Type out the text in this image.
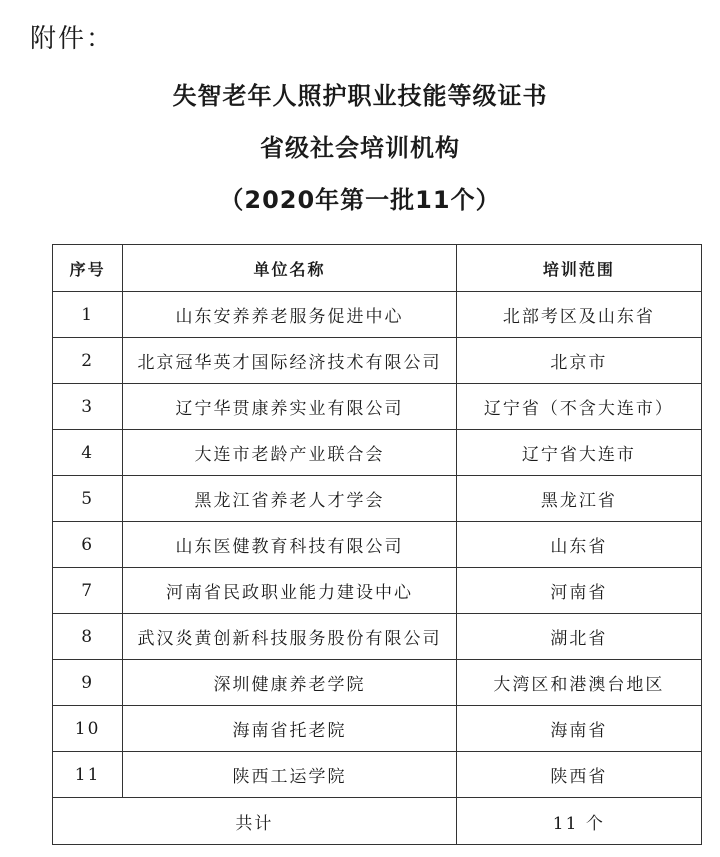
附件：
失智老年人照护职业技能等级证书
省级社会培训机构
（2020年第一批11个）
序号	单位名称	培训范围
1	山东安养养老服务促进中心	北部考区及山东省
2	北京冠华英才国际经济技术有限公司	北京市
3	辽宁华贯康养实业有限公司	辽宁省（不含大连市）
4	大连市老龄产业联合会	辽宁省大连市
5	黑龙江省养老人才学会	黑龙江省
6	山东医健教育科技有限公司	山东省
7	河南省民政职业能力建设中心	河南省
8	武汉炎黄创新科技服务股份有限公司	湖北省
9	深圳健康养老学院	大湾区和港澳台地区
10	海南省托老院	海南省
11	陕西工运学院	陕西省
共计		11 个
